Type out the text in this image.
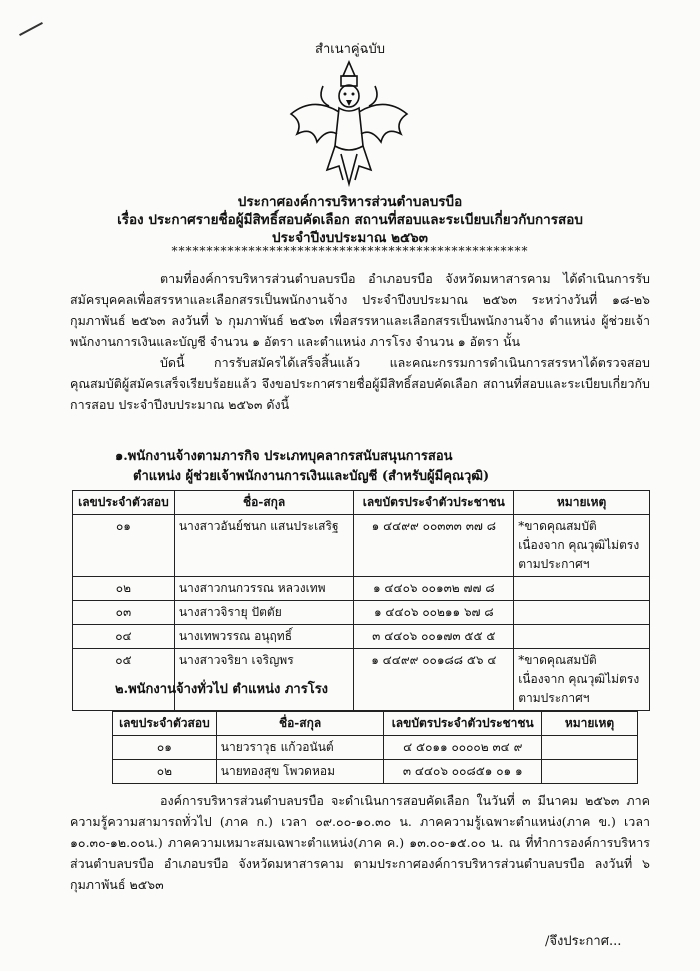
สำเนาคู่ฉบับ
ประกาศองค์การบริหารส่วนตำบลบรบือ
เรื่อง ประกาศรายชื่อผู้มีสิทธิ์สอบคัดเลือก สถานที่สอบและระเบียบเกี่ยวกับการสอบ
ประจำปีงบประมาณ ๒๕๖๓
***************************************************

ตามที่องค์การบริหารส่วนตำบลบรบือ อำเภอบรบือ จังหวัดมหาสารคาม ได้ดำเนินการรับสมัครบุคคลเพื่อสรรหาและเลือกสรรเป็นพนักงานจ้าง ประจำปีงบประมาณ ๒๕๖๓ ระหว่างวันที่ ๑๘-๒๖ กุมภาพันธ์ ๒๕๖๓ ลงวันที่ ๖ กุมภาพันธ์ ๒๕๖๓ เพื่อสรรหาและเลือกสรรเป็นพนักงานจ้าง ตำแหน่ง ผู้ช่วยเจ้าพนักงานการเงินและบัญชี จำนวน ๑ อัตรา และตำแหน่ง ภารโรง จำนวน ๑ อัตรา นั้น

บัดนี้ การรับสมัครได้เสร็จสิ้นแล้ว และคณะกรรมการดำเนินการสรรหาได้ตรวจสอบคุณสมบัติผู้สมัครเสร็จเรียบร้อยแล้ว จึงขอประกาศรายชื่อผู้มีสิทธิ์สอบคัดเลือก สถานที่สอบและระเบียบเกี่ยวกับการสอบ ประจำปีงบประมาณ ๒๕๖๓ ดังนี้

๑.พนักงานจ้างตามภารกิจ ประเภทบุคลากรสนับสนุนการสอน
ตำแหน่ง ผู้ช่วยเจ้าพนักงานการเงินและบัญชี (สำหรับผู้มีคุณวุฒิ)
เลขประจำตัวสอบ	ชื่อ-สกุล	เลขบัตรประจำตัวประชาชน	หมายเหตุ
๐๑	นางสาวอันย์ชนก แสนประเสริฐ	๑ ๔๔๙๙ ๐๐๓๓๓ ๓๗ ๘	*ขาดคุณสมบัติ เนื่องจาก คุณวุฒิไม่ตรงตามประกาศฯ
๐๒	นางสาวกนกวรรณ หลวงเทพ	๑ ๔๔๐๖ ๐๐๑๓๒ ๗๗ ๘	
๐๓	นางสาวจิรายุ ปัตตัย	๑ ๔๔๐๖ ๐๐๒๑๑ ๖๗ ๘	
๐๔	นางเทพวรรณ อนุฤทธิ์	๓ ๔๔๐๖ ๐๐๑๗๓ ๕๕ ๕	
๐๕	นางสาวจริยา เจริญพร	๑ ๔๔๙๙ ๐๐๑๘๘ ๕๖ ๔	*ขาดคุณสมบัติ เนื่องจาก คุณวุฒิไม่ตรงตามประกาศฯ
๒.พนักงานจ้างทั่วไป ตำแหน่ง ภารโรง
เลขประจำตัวสอบ	ชื่อ-สกุล	เลขบัตรประจำตัวประชาชน	หมายเหตุ
๐๑	นายวราวุธ แก้วอนันต์	๔ ๕๐๑๑ ๐๐๐๐๒ ๓๔ ๙	
๐๒	นายทองสุข โพวดหอม	๓ ๔๔๐๖ ๐๐๘๕๑ ๐๑ ๑	

องค์การบริหารส่วนตำบลบรบือ จะดำเนินการสอบคัดเลือก ในวันที่ ๓ มีนาคม ๒๕๖๓ ภาคความรู้ความสามารถทั่วไป (ภาค ก.) เวลา ๐๙.๐๐-๑๐.๓๐ น. ภาคความรู้เฉพาะตำแหน่ง(ภาค ข.) เวลา ๑๐.๓๐-๑๒.๐๐น.) ภาคความเหมาะสมเฉพาะตำแหน่ง(ภาค ค.) ๑๓.๐๐-๑๕.๐๐ น. ณ ที่ทำการองค์การบริหารส่วนตำบลบรบือ อำเภอบรบือ จังหวัดมหาสารคาม ตามประกาศองค์การบริหารส่วนตำบลบรบือ ลงวันที่ ๖ กุมภาพันธ์ ๒๕๖๓

/จึงประกาศ...
